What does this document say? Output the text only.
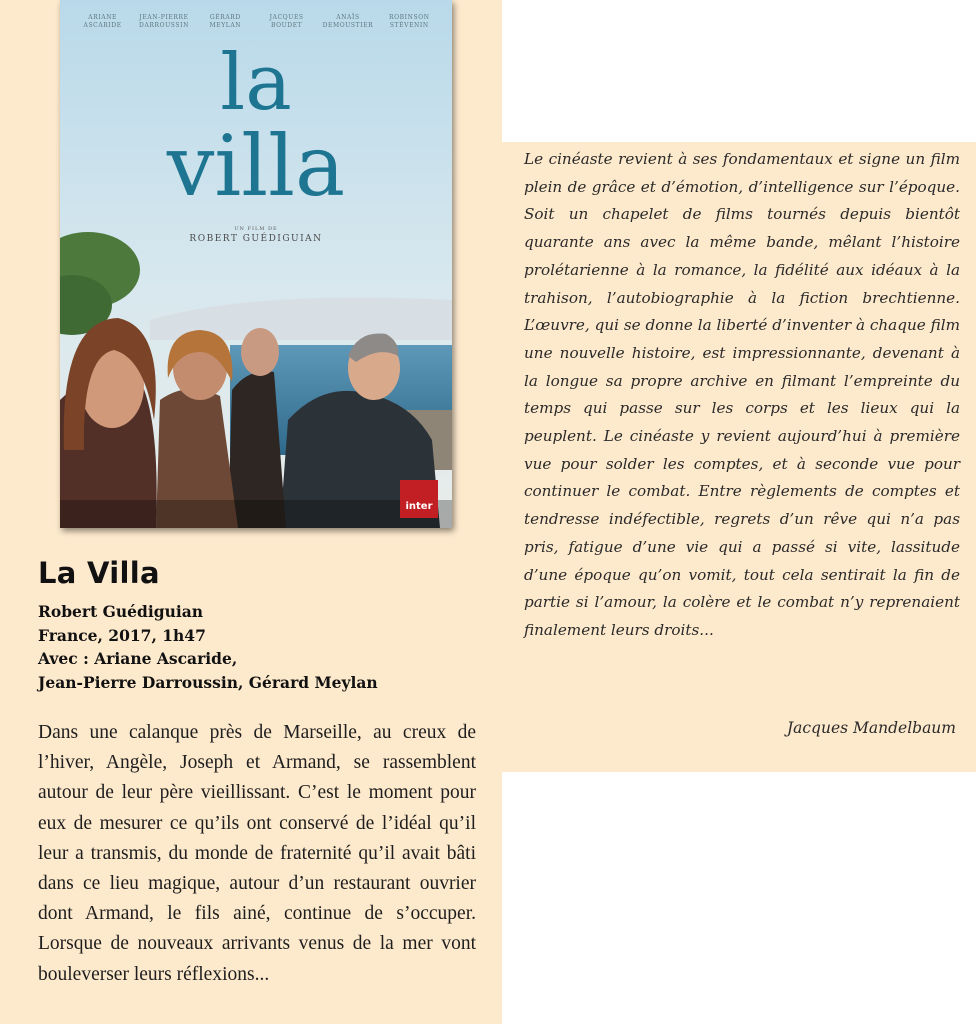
ARIANE
ASCARIDE
JEAN-PIERRE
DARROUSSIN
GÉRARD
MEYLAN
JACQUES
BOUDET
ANAÏS
DEMOUSTIER
ROBINSON
STÉVENIN
la
villa
UN FILM DE
ROBERT GUÉDIGUIAN
inter
La Villa
Robert Guédiguian
France, 2017, 1h47
Avec : Ariane Ascaride,
Jean-Pierre Darroussin, Gérard Meylan

Dans une calanque près de Marseille, au creux de l’hiver, Angèle, Joseph et Armand, se rassemblent autour de leur père vieillissant. C’est le moment pour eux de mesurer ce qu’ils ont conservé de l’idéal qu’il leur a transmis, du monde de fraternité qu’il avait bâti dans ce lieu magique, autour d’un restaurant ouvrier dont Armand, le fils ainé, continue de s’occuper. Lorsque de nouveaux arrivants venus de la mer vont bouleverser leurs réflexions...

Le cinéaste revient à ses fondamentaux et signe un film plein de grâce et d’émotion, d’intelligence sur l’époque. Soit un chapelet de films tournés depuis bientôt quarante ans avec la même bande, mêlant l’histoire prolétarienne à la romance, la fidélité aux idéaux à la trahison, l’autobiographie à la fiction brechtienne. L’œuvre, qui se donne la liberté d’inventer à chaque film une nouvelle histoire, est impressionnante, devenant à la longue sa propre archive en filmant l’empreinte du temps qui passe sur les corps et les lieux qui la peuplent. Le cinéaste y revient aujourd’hui à première vue pour solder les comptes, et à seconde vue pour continuer le combat. Entre règlements de comptes et tendresse indéfectible, regrets d’un rêve qui n’a pas pris, fatigue d’une vie qui a passé si vite, lassitude d’une époque qu’on vomit, tout cela sentirait la fin de partie si l’amour, la colère et le combat n’y reprenaient finalement leurs droits...

Jacques Mandelbaum
